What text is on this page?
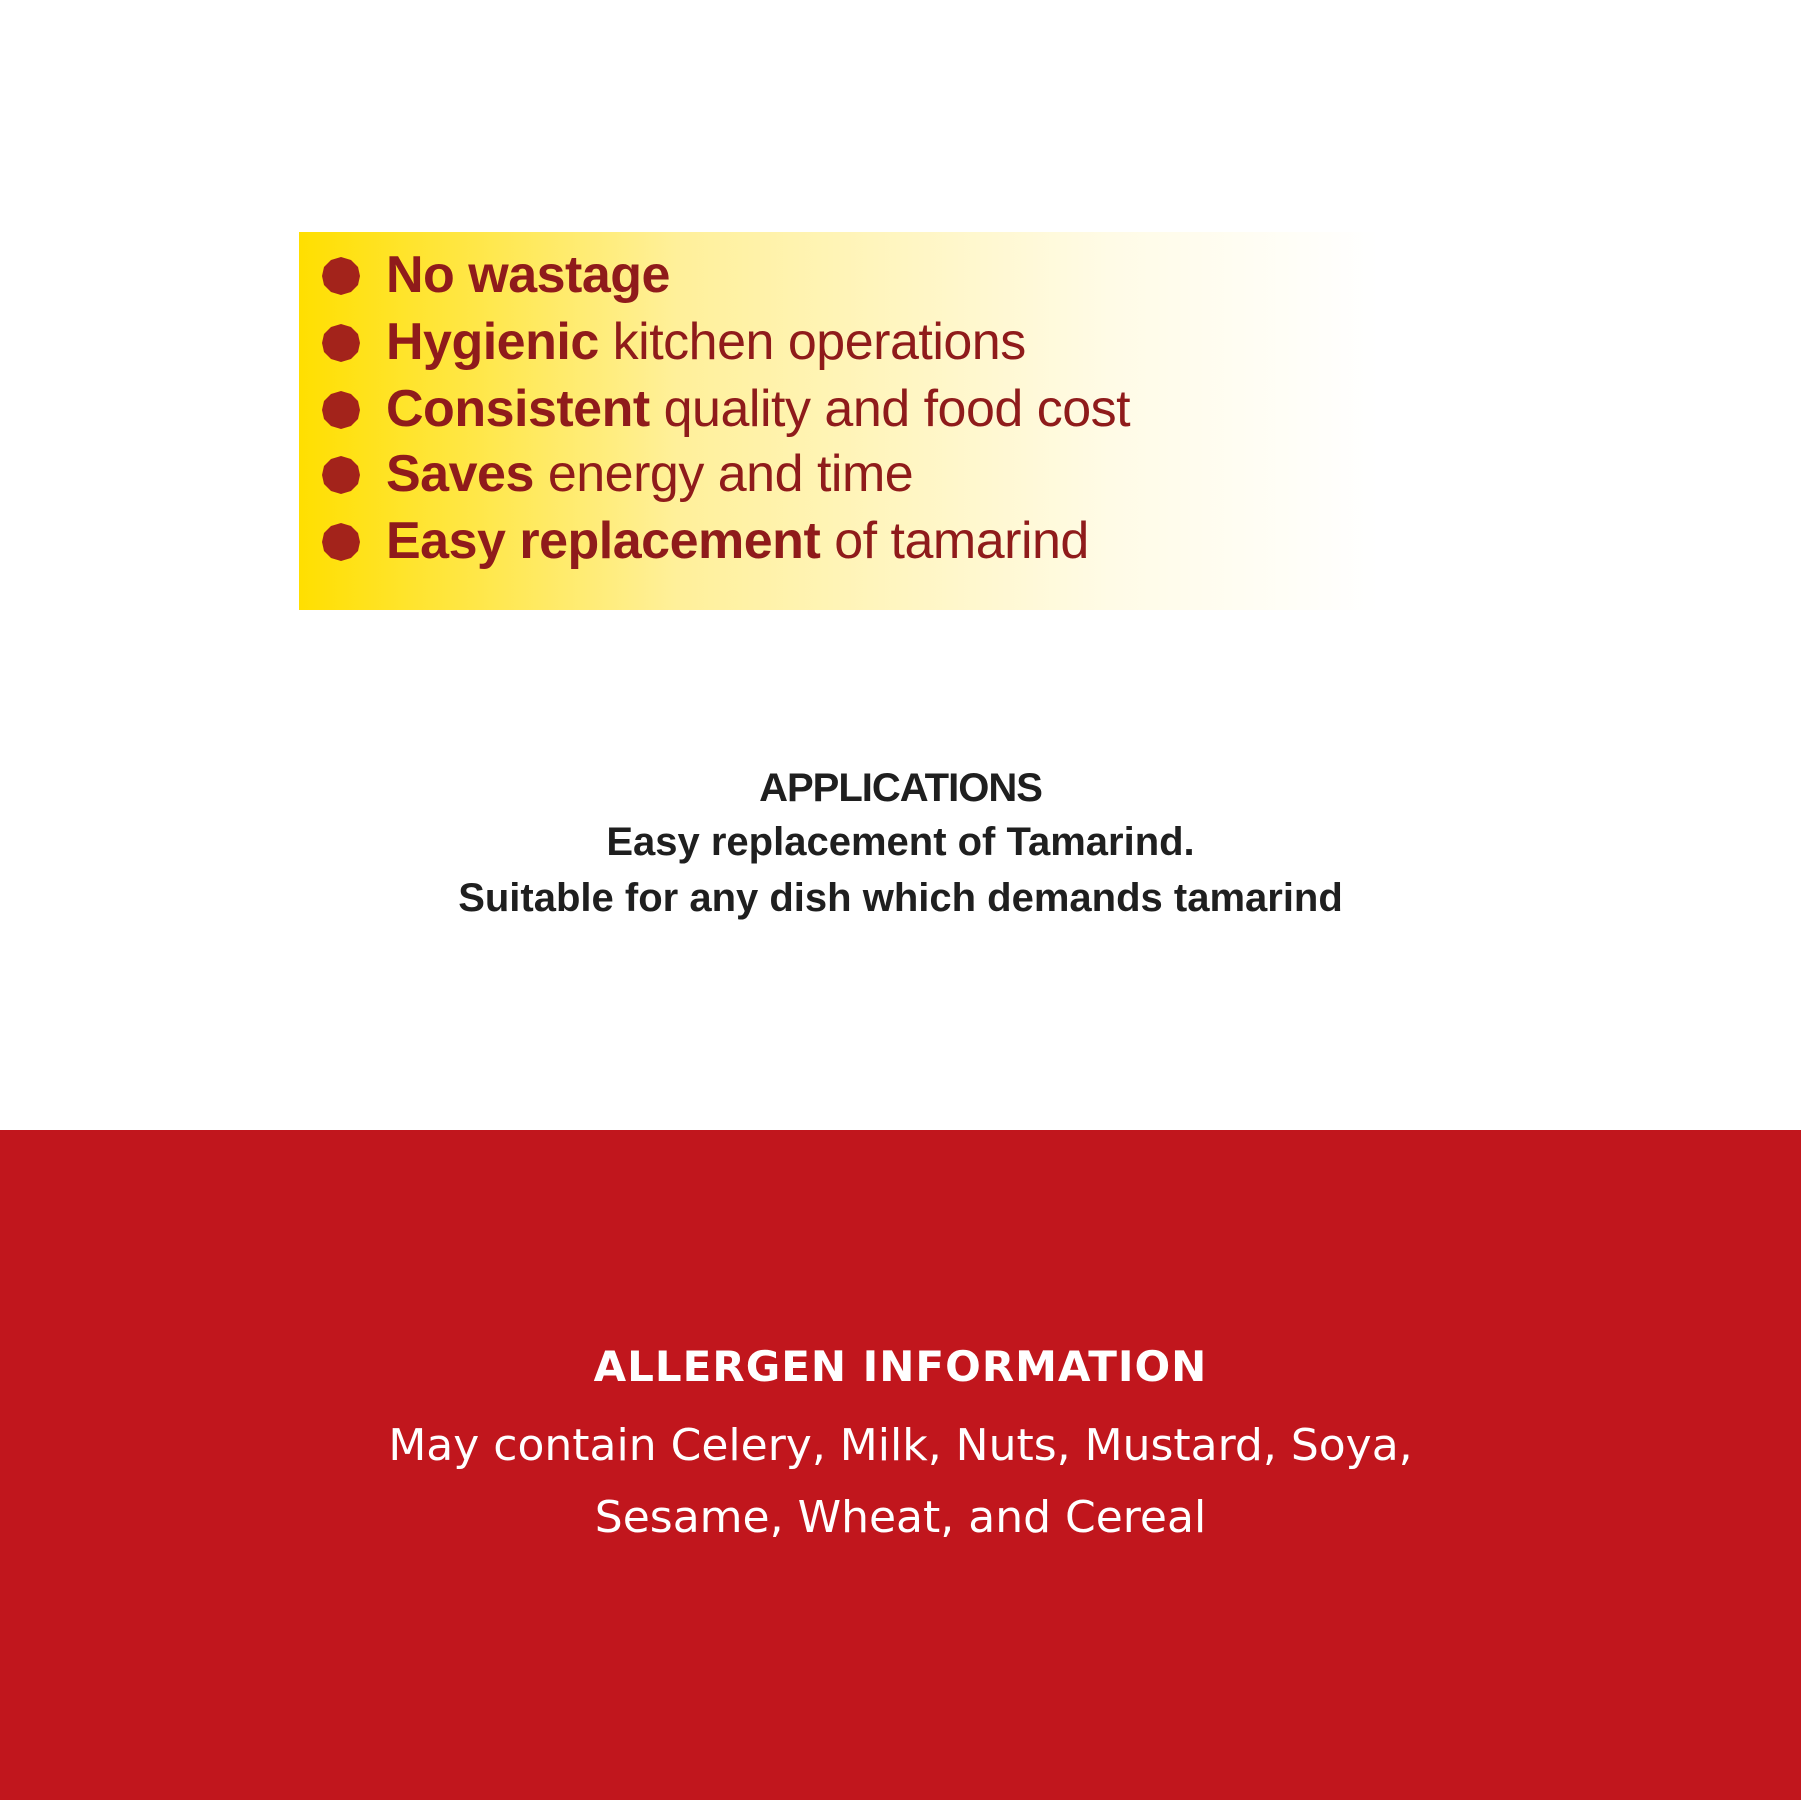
No wastage
Hygienic kitchen operations
Consistent quality and food cost
Saves energy and time
Easy replacement of tamarind
APPLICATIONS
Easy replacement of Tamarind.
Suitable for any dish which demands tamarind
ALLERGEN INFORMATION
May contain Celery, Milk, Nuts, Mustard, Soya,
Sesame, Wheat, and Cereal
